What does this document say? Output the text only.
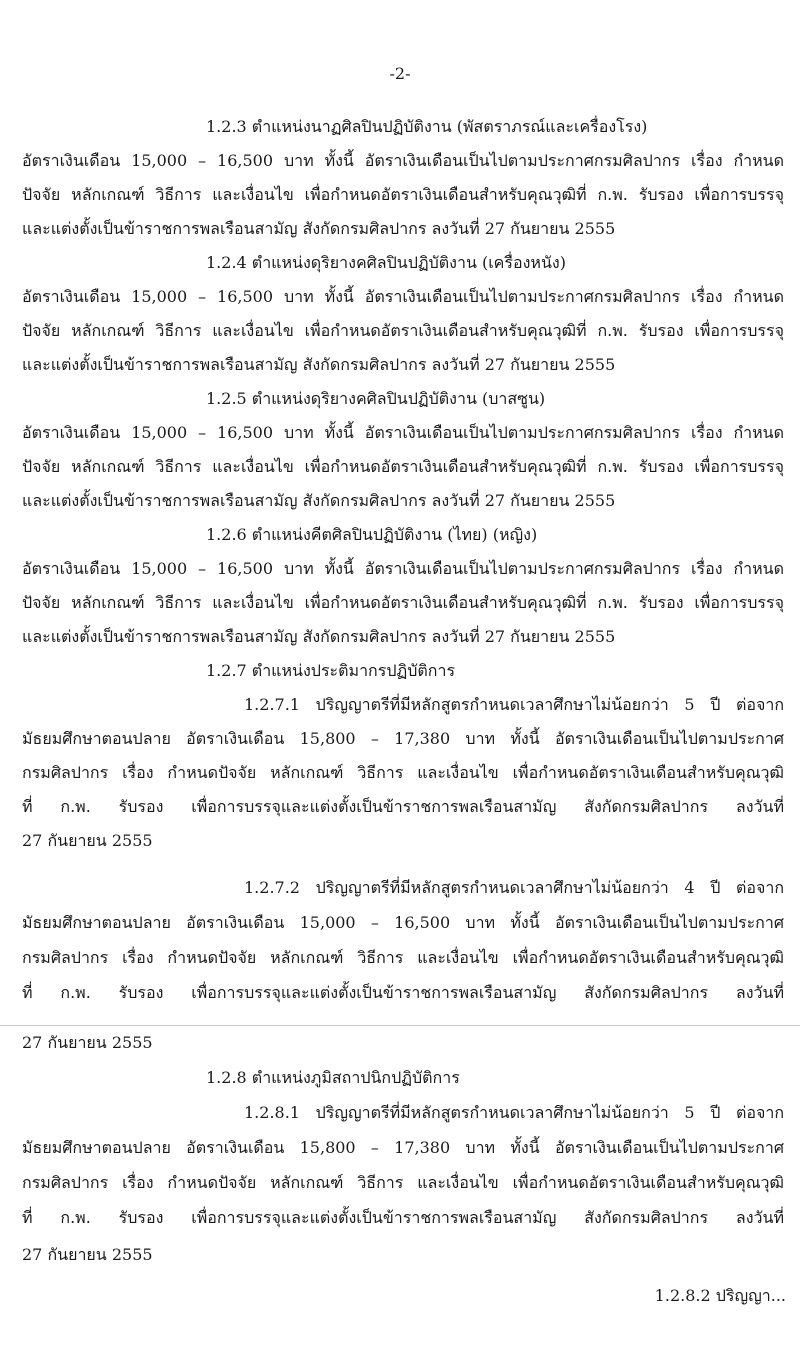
-2-
1.2.3 ตำแหน่งนาฏศิลปินปฏิบัติงาน (พัสตราภรณ์และเครื่องโรง)
อัตราเงินเดือน 15,000 – 16,500 บาท ทั้งนี้ อัตราเงินเดือนเป็นไปตามประกาศกรมศิลปากร เรื่อง กำหนด
ปัจจัย หลักเกณฑ์ วิธีการ และเงื่อนไข เพื่อกำหนดอัตราเงินเดือนสำหรับคุณวุฒิที่ ก.พ. รับรอง เพื่อการบรรจุ
และแต่งตั้งเป็นข้าราชการพลเรือนสามัญ สังกัดกรมศิลปากร ลงวันที่ 27 กันยายน 2555
1.2.4 ตำแหน่งดุริยางคศิลปินปฏิบัติงาน (เครื่องหนัง)
อัตราเงินเดือน 15,000 – 16,500 บาท ทั้งนี้ อัตราเงินเดือนเป็นไปตามประกาศกรมศิลปากร เรื่อง กำหนด
ปัจจัย หลักเกณฑ์ วิธีการ และเงื่อนไข เพื่อกำหนดอัตราเงินเดือนสำหรับคุณวุฒิที่ ก.พ. รับรอง เพื่อการบรรจุ
และแต่งตั้งเป็นข้าราชการพลเรือนสามัญ สังกัดกรมศิลปากร ลงวันที่ 27 กันยายน 2555
1.2.5 ตำแหน่งดุริยางคศิลปินปฏิบัติงาน (บาสซูน)
อัตราเงินเดือน 15,000 – 16,500 บาท ทั้งนี้ อัตราเงินเดือนเป็นไปตามประกาศกรมศิลปากร เรื่อง กำหนด
ปัจจัย หลักเกณฑ์ วิธีการ และเงื่อนไข เพื่อกำหนดอัตราเงินเดือนสำหรับคุณวุฒิที่ ก.พ. รับรอง เพื่อการบรรจุ
และแต่งตั้งเป็นข้าราชการพลเรือนสามัญ สังกัดกรมศิลปากร ลงวันที่ 27 กันยายน 2555
1.2.6 ตำแหน่งคีตศิลปินปฏิบัติงาน (ไทย) (หญิง)
อัตราเงินเดือน 15,000 – 16,500 บาท ทั้งนี้ อัตราเงินเดือนเป็นไปตามประกาศกรมศิลปากร เรื่อง กำหนด
ปัจจัย หลักเกณฑ์ วิธีการ และเงื่อนไข เพื่อกำหนดอัตราเงินเดือนสำหรับคุณวุฒิที่ ก.พ. รับรอง เพื่อการบรรจุ
และแต่งตั้งเป็นข้าราชการพลเรือนสามัญ สังกัดกรมศิลปากร ลงวันที่ 27 กันยายน 2555
1.2.7 ตำแหน่งประติมากรปฏิบัติการ
1.2.7.1 ปริญญาตรีที่มีหลักสูตรกำหนดเวลาศึกษาไม่น้อยกว่า 5 ปี ต่อจาก
มัธยมศึกษาตอนปลาย อัตราเงินเดือน 15,800 – 17,380 บาท ทั้งนี้ อัตราเงินเดือนเป็นไปตามประกาศ
กรมศิลปากร เรื่อง กำหนดปัจจัย หลักเกณฑ์ วิธีการ และเงื่อนไข เพื่อกำหนดอัตราเงินเดือนสำหรับคุณวุฒิ
ที่ ก.พ. รับรอง เพื่อการบรรจุและแต่งตั้งเป็นข้าราชการพลเรือนสามัญ สังกัดกรมศิลปากร ลงวันที่
27 กันยายน 2555
1.2.7.2 ปริญญาตรีที่มีหลักสูตรกำหนดเวลาศึกษาไม่น้อยกว่า 4 ปี ต่อจาก
มัธยมศึกษาตอนปลาย อัตราเงินเดือน 15,000 – 16,500 บาท ทั้งนี้ อัตราเงินเดือนเป็นไปตามประกาศ
กรมศิลปากร เรื่อง กำหนดปัจจัย หลักเกณฑ์ วิธีการ และเงื่อนไข เพื่อกำหนดอัตราเงินเดือนสำหรับคุณวุฒิ
ที่ ก.พ. รับรอง เพื่อการบรรจุและแต่งตั้งเป็นข้าราชการพลเรือนสามัญ สังกัดกรมศิลปากร ลงวันที่
27 กันยายน 2555
1.2.8 ตำแหน่งภูมิสถาปนิกปฏิบัติการ
1.2.8.1 ปริญญาตรีที่มีหลักสูตรกำหนดเวลาศึกษาไม่น้อยกว่า 5 ปี ต่อจาก
มัธยมศึกษาตอนปลาย อัตราเงินเดือน 15,800 – 17,380 บาท ทั้งนี้ อัตราเงินเดือนเป็นไปตามประกาศ
กรมศิลปากร เรื่อง กำหนดปัจจัย หลักเกณฑ์ วิธีการ และเงื่อนไข เพื่อกำหนดอัตราเงินเดือนสำหรับคุณวุฒิ
ที่ ก.พ. รับรอง เพื่อการบรรจุและแต่งตั้งเป็นข้าราชการพลเรือนสามัญ สังกัดกรมศิลปากร ลงวันที่
27 กันยายน 2555
1.2.8.2 ปริญญา...
